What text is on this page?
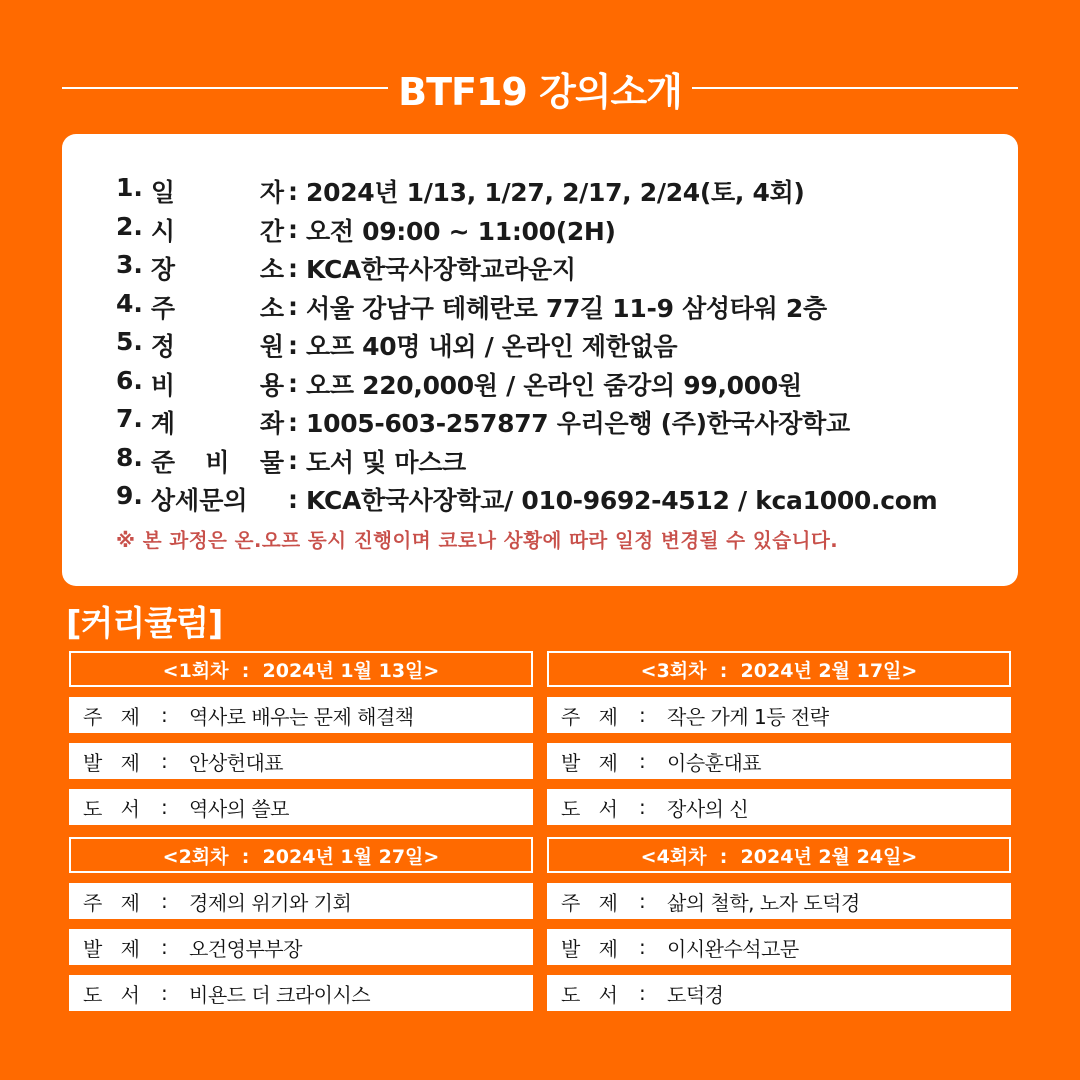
BTF19 강의소개
1. 일	자 : 2024년 1/13, 1/27, 2/17, 2/24(토, 4회)
2. 시	간 : 오전 09:00 ~ 11:00(2H)
3. 장	소 : KCA한국사장학교라운지
4. 주	소 : 서울 강남구 테헤란로 77길 11-9 삼성타워 2층
5. 정	원 : 오프 40명 내외 / 온라인 제한없음
6. 비	용 : 오프 220,000원 / 온라인 줌강의 99,000원
7. 계	좌 : 1005-603-257877 우리은행 (주)한국사장학교
8. 준 비 물 : 도서 및 마스크
9. 상세문의 : KCA한국사장학교/ 010-9692-4512 / kca1000.com
※ 본 과정은 온.오프 동시 진행이며 코로나 상황에 따라 일정 변경될 수 있습니다.
[커리큘럼]
<1회차  :  2024년 1월 13일>
주 제 :	역사로 배우는 문제 해결책
발 제 :	안상헌대표
도 서 :	역사의 쓸모
<2회차  :  2024년 1월 27일>
주 제 :	경제의 위기와 기회
발 제 :	오건영부부장
도 서 :	비욘드 더 크라이시스
<3회차  :  2024년 2월 17일>
주 제 :	작은 가게 1등 전략
발 제 :	이승훈대표
도 서 :	장사의 신
<4회차  :  2024년 2월 24일>
주 제 :	삶의 철학, 노자 도덕경
발 제 :	이시완수석고문
도 서 :	도덕경
